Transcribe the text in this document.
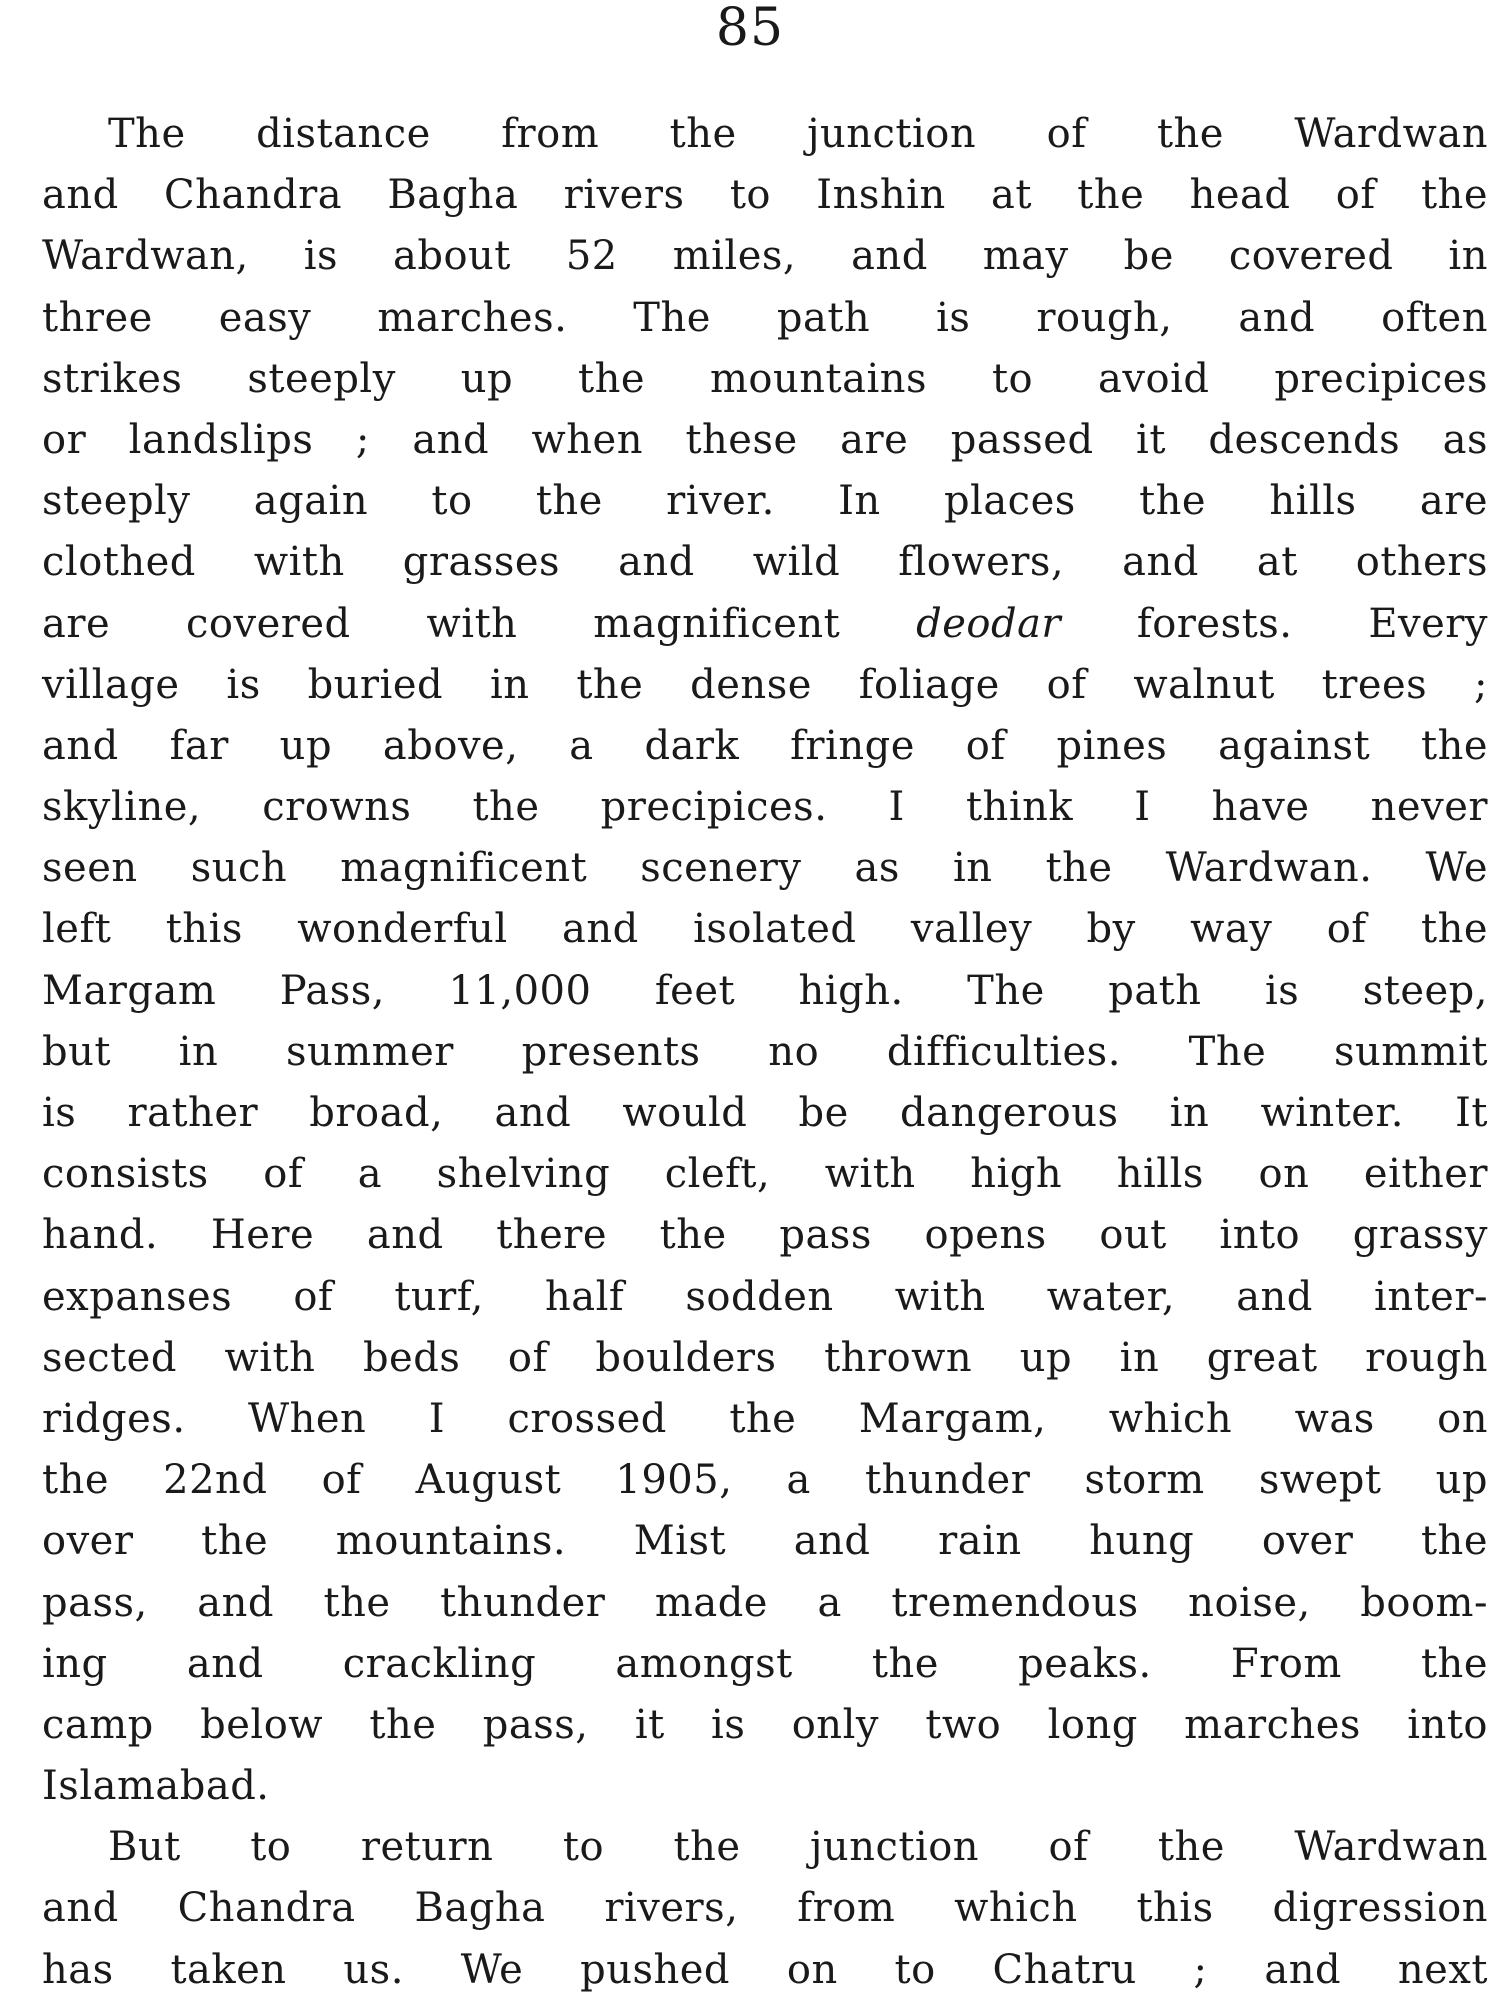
85
The distance from the junction of the Wardwan
and Chandra Bagha rivers to Inshin at the head of the
Wardwan, is about 52 miles, and may be covered in
three easy marches. The path is rough, and often
strikes steeply up the mountains to avoid precipices
or landslips ; and when these are passed it descends as
steeply again to the river. In places the hills are
clothed with grasses and wild flowers, and at others
are covered with magnificent deodar forests. Every
village is buried in the dense foliage of walnut trees ;
and far up above, a dark fringe of pines against the
skyline, crowns the precipices. I think I have never
seen such magnificent scenery as in the Wardwan. We
left this wonderful and isolated valley by way of the
Margam Pass, 11,000 feet high. The path is steep,
but in summer presents no difficulties. The summit
is rather broad, and would be dangerous in winter. It
consists of a shelving cleft, with high hills on either
hand. Here and there the pass opens out into grassy
expanses of turf, half sodden with water, and inter-
sected with beds of boulders thrown up in great rough
ridges. When I crossed the Margam, which was on
the 22nd of August 1905, a thunder storm swept up
over the mountains. Mist and rain hung over the
pass, and the thunder made a tremendous noise, boom-
ing and crackling amongst the peaks. From the
camp below the pass, it is only two long marches into
Islamabad.
But to return to the junction of the Wardwan
and Chandra Bagha rivers, from which this digression
has taken us. We pushed on to Chatru ; and next
